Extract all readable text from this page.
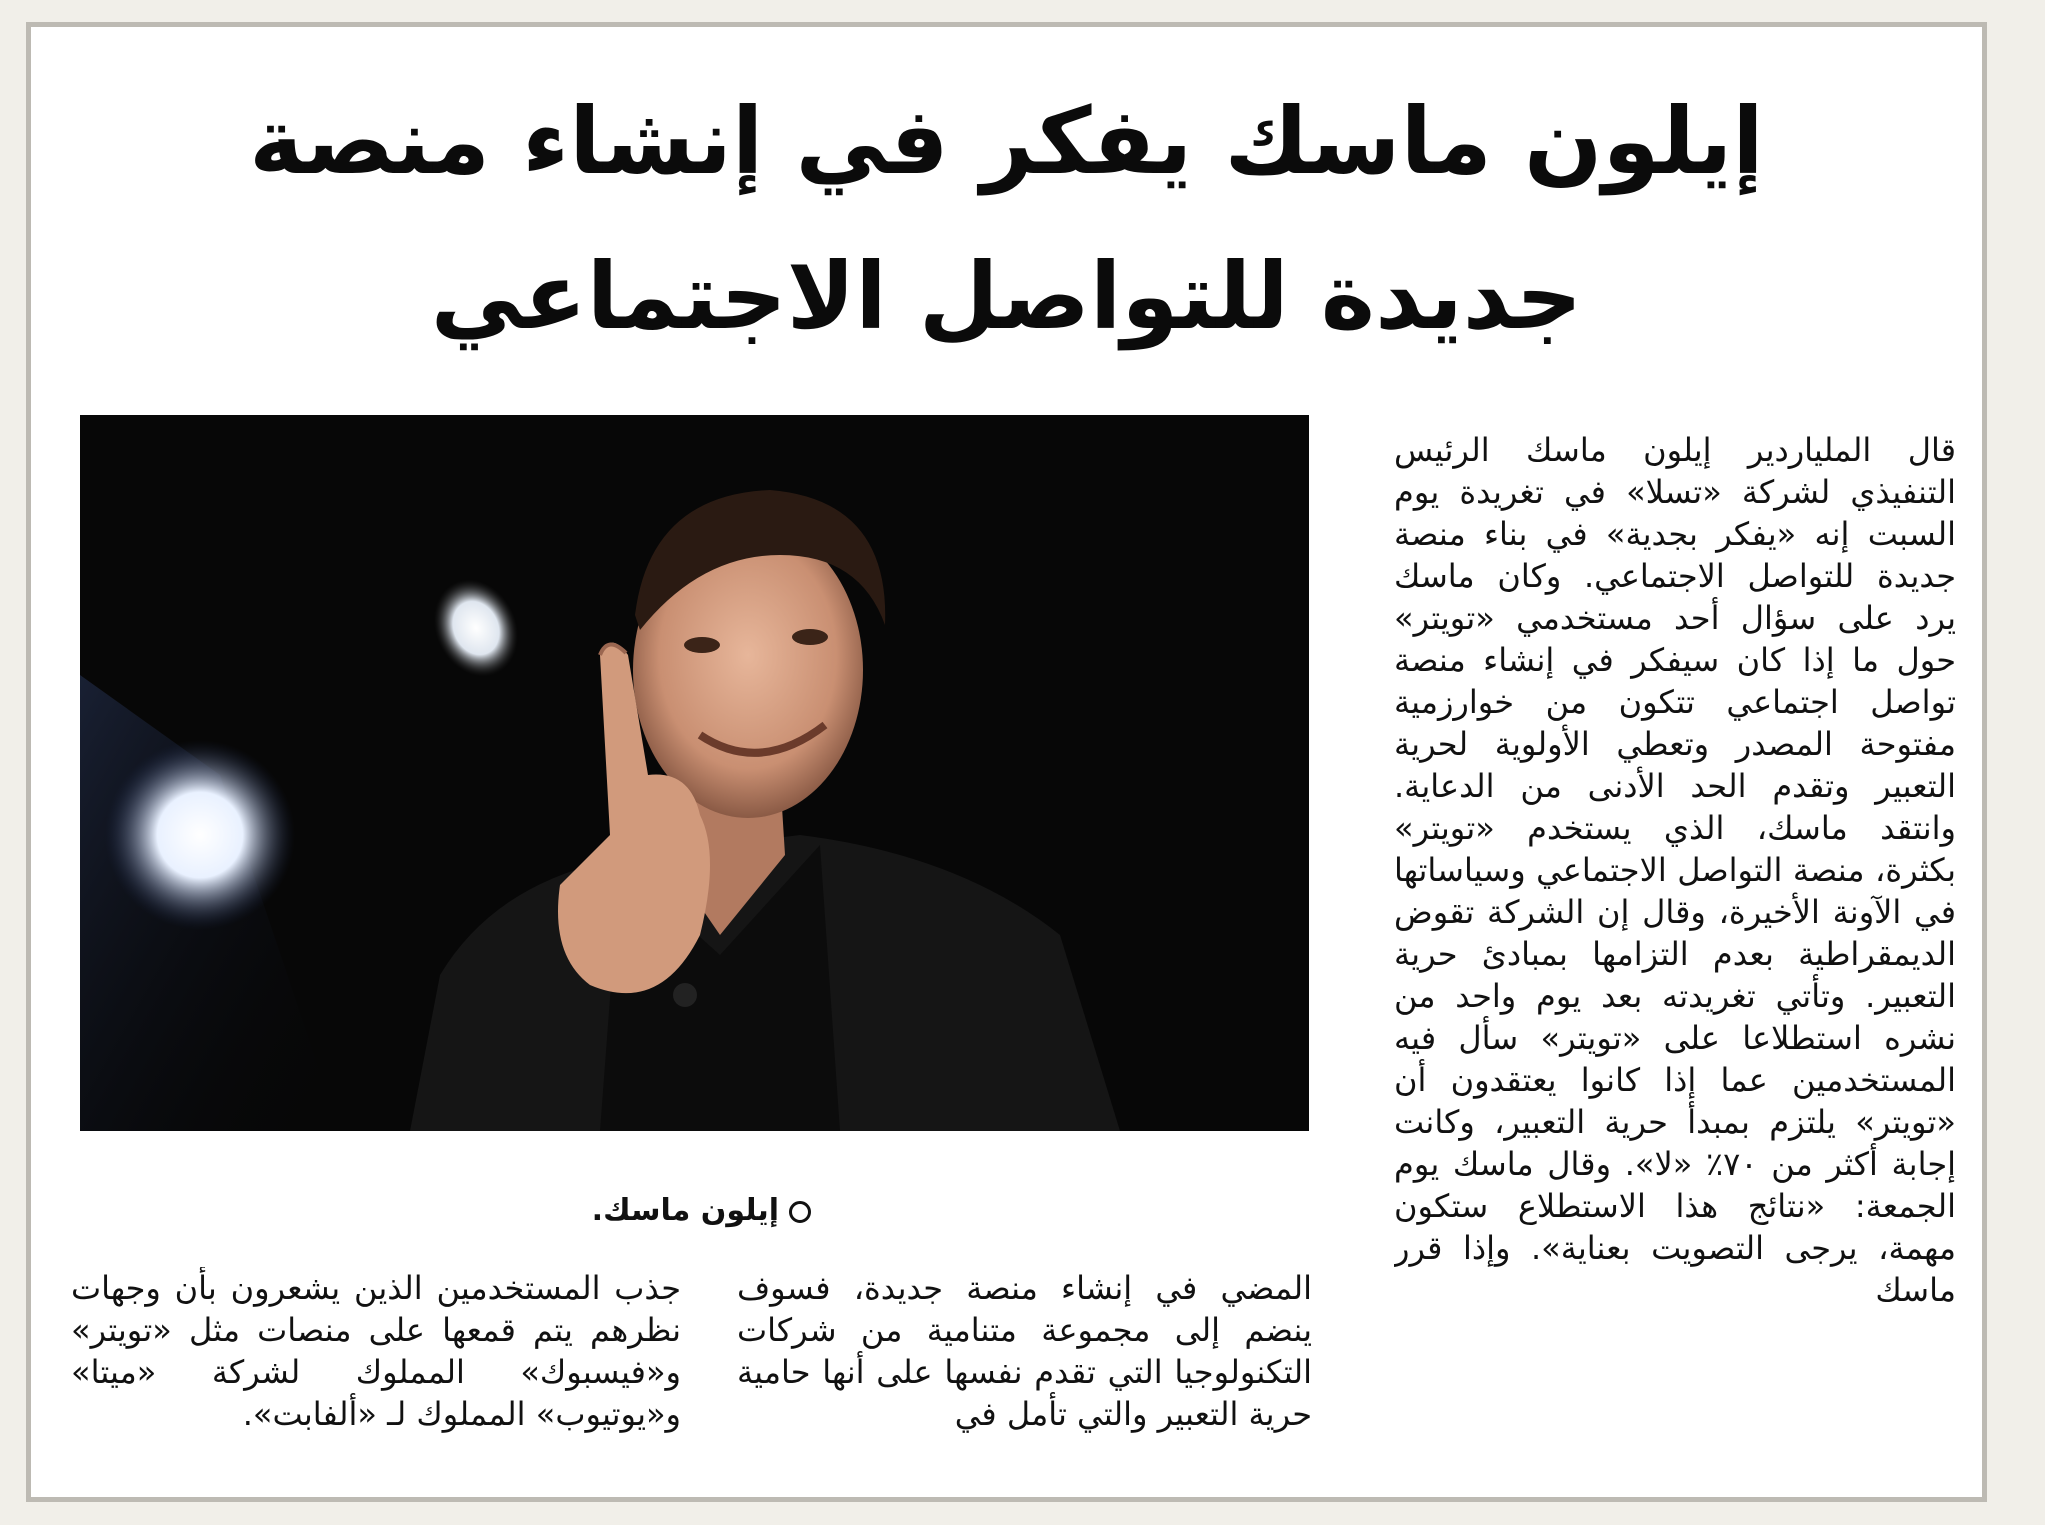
إيلون ماسك يفكر في إنشاء منصة
جديدة للتواصل الاجتماعي
إيلون ماسك.

قال الملياردير إيلون ماسك الرئيس التنفيذي لشركة «تسلا» في تغريدة يوم السبت إنه «يفكر بجدية» في بناء منصة جديدة للتواصل الاجتماعي. وكان ماسك يرد على سؤال أحد مستخدمي «تويتر» حول ما إذا كان سيفكر في إنشاء منصة تواصل اجتماعي تتكون من خوارزمية مفتوحة المصدر وتعطي الأولوية لحرية التعبير وتقدم الحد الأدنى من الدعاية. وانتقد ماسك، الذي يستخدم «تويتر» بكثرة، منصة التواصل الاجتماعي وسياساتها في الآونة الأخيرة، وقال إن الشركة تقوض الديمقراطية بعدم التزامها بمبادئ حرية التعبير. وتأتي تغريدته بعد يوم واحد من نشره استطلاعا على «تويتر» سأل فيه المستخدمين عما إذا كانوا يعتقدون أن «تويتر» يلتزم بمبدأ حرية التعبير، وكانت إجابة أكثر من ٧٠٪ «لا». وقال ماسك يوم الجمعة: «نتائج هذا الاستطلاع ستكون مهمة، يرجى التصويت بعناية». وإذا قرر ماسك

المضي في إنشاء منصة جديدة، فسوف ينضم إلى مجموعة متنامية من شركات التكنولوجيا التي تقدم نفسها على أنها حامية حرية التعبير والتي تأمل في

جذب المستخدمين الذين يشعرون بأن وجهات نظرهم يتم قمعها على منصات مثل «تويتر» و«فيسبوك» المملوك لشركة «ميتا» و«يوتيوب» المملوك لـ «ألفابت».
